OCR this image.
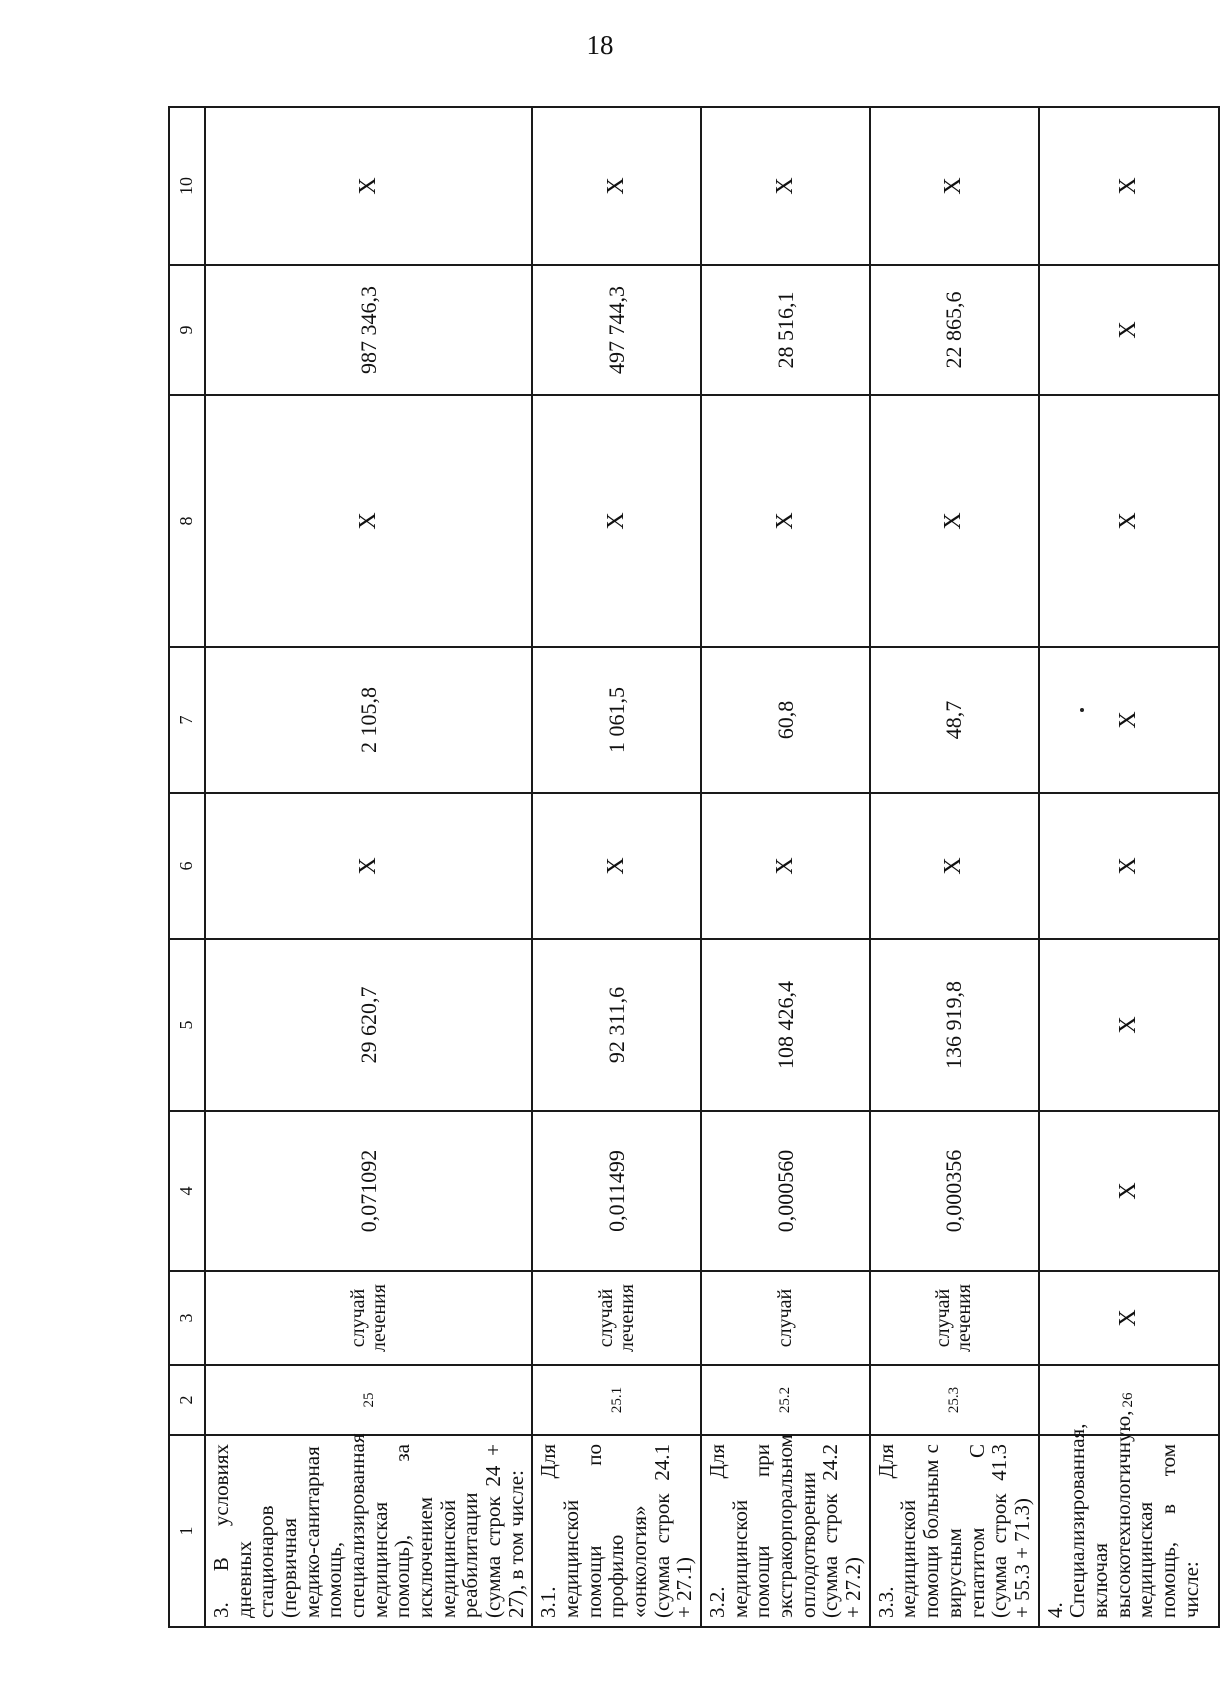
18
1	2	3	4	5	6	7	8	9	10
3. В условиях дневных стационаров (первичная медико-санитарная помощь, специализированная медицинская помощь), за исключением медицинской реабилитации (сумма строк 24 + 27), в том числе:	25	случай лечения	0,071092	29 620,7	X	2 105,8	X	987 346,3	X
3.1. Для медицинской помощи по профилю «онкология» (сумма строк 24.1 + 27.1)	25.1	случай лечения	0,011499	92 311,6	X	1 061,5	X	497 744,3	X
3.2. Для медицинской помощи при экстракорпоральном оплодотворении (сумма строк 24.2 + 27.2)	25.2	случай	0,000560	108 426,4	X	60,8	X	28 516,1	X
3.3. Для медицинской помощи больным с вирусным гепатитом С (сумма строк 41.3 + 55.3 + 71.3)	25.3	случай лечения	0,000356	136 919,8	X	48,7	X	22 865,6	X
4. Специализированная, включая высокотехнологичную, медицинская помощь, в том числе:	26	X	X	X	X	X	X	X	X
